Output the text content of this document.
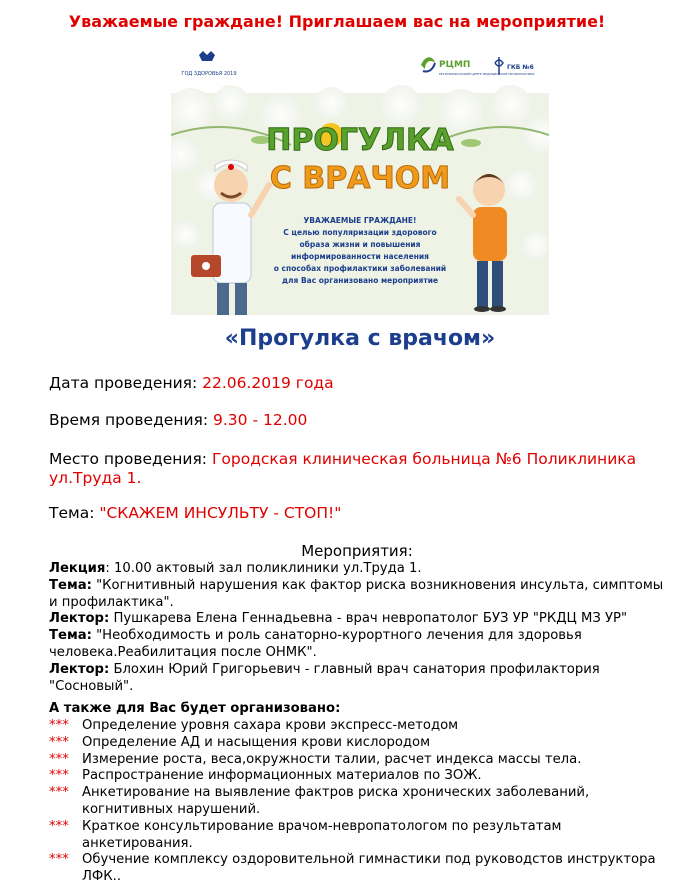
Уважаемые граждане! Приглашаем вас на мероприятие!
ГОД ЗДОРОВЬЯ 2019
РЦМП
РЕСПУБЛИКАНСКИЙ ЦЕНТР МЕДИЦИНСКОЙ ПРОФИЛАКТИКИ
ГКБ №6
ПРОГУЛКА
С ВРАЧОМ
УВАЖАЕМЫЕ ГРАЖДАНЕ!
С целью популяризации здорового
образа жизни и повышения
информированности населения
о способах профилактики заболеваний
для Вас организовано мероприятие
«Прогулка с врачом»
Дата проведения: 22.06.2019 года
Время проведения: 9.30 - 12.00
Место проведения: Городская клиническая больница №6 Поликлиника ул.Труда 1.
Тема: "СКАЖЕМ ИНСУЛЬТУ - СТОП!"
Мероприятия:

Лекция: 10.00 актовый зал поликлиники ул.Труда 1.

Тема: "Когнитивный нарушения как фактор риска возникновения инсульта, симптомы и профилактика".

Лектор: Пушкарева Елена Геннадьевна - врач невропатолог БУЗ УР "РКДЦ МЗ УР"

Тема: "Необходимость и роль санаторно-курортного лечения для здоровья человека.Реабилитация после ОНМК".

Лектор: Блохин Юрий Григорьевич - главный врач санатория профилактория "Сосновый".

А также для Вас будет организовано:
***	Определение уровня сахара крови экспресс-методом
***	Определение АД и насыщения крови кислородом
***	Измерение роста, веса,окружности талии, расчет индекса массы тела.
***	Распространение информационных материалов по ЗОЖ.
***	Анкетирование на выявление фактров риска хронических заболеваний, когнитивных нарушений.
***	Краткое консультирование врачом-невропатологом по результатам анкетирования.
***	Обучение комплексу оздоровительной гимнастики под руководстов инструктора ЛФК..
